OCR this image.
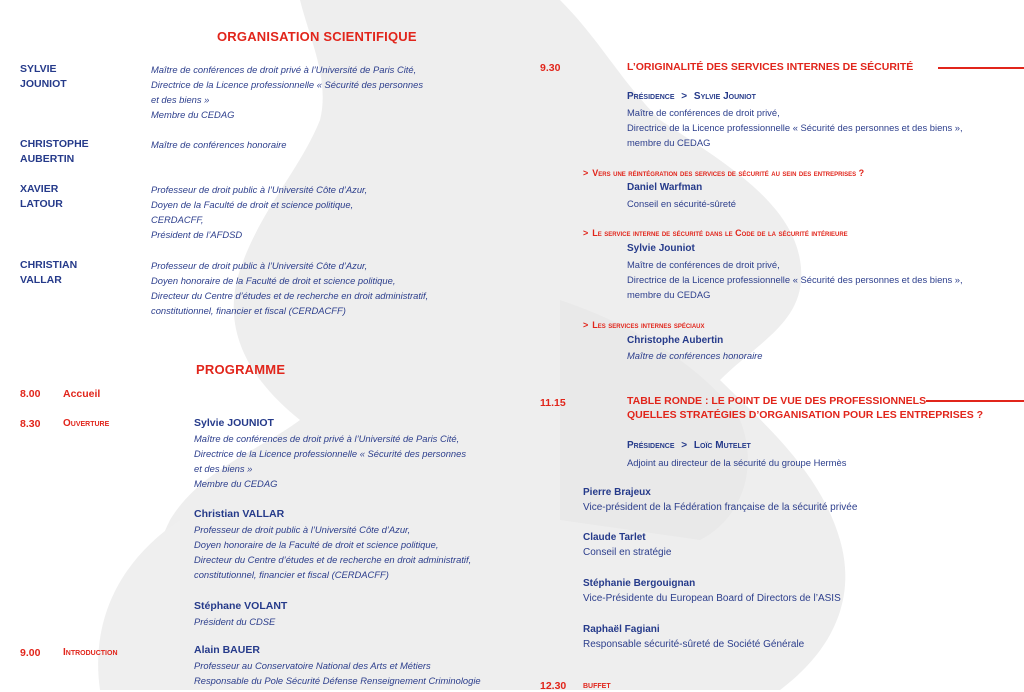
ORGANISATION SCIENTIFIQUE
SYLVIE
JOUNIOT
Maître de conférences de droit privé à l’Université de Paris Cité,
Directrice de la Licence professionnelle « Sécurité des personnes
et des biens »
Membre du CEDAG
CHRISTOPHE
AUBERTIN
Maître de conférences honoraire
XAVIER
LATOUR
Professeur de droit public à l’Université Côte d’Azur,
Doyen de la Faculté de droit et science politique,
CERDACFF,
Président de l’AFDSD
CHRISTIAN
VALLAR
Professeur de droit public à l’Université Côte d’Azur,
Doyen honoraire de la Faculté de droit et science politique,
Directeur du Centre d’études et de recherche en droit administratif,
constitutionnel, financier et fiscal (CERDACFF)
PROGRAMME
8.00 Accueil
8.30 Ouverture	Sylvie JOUNIOT
Maître de conférences de droit privé à l’Université de Paris Cité,
Directrice de la Licence professionnelle « Sécurité des personnes
et des biens »
Membre du CEDAG
Christian VALLAR
Professeur de droit public à l’Université Côte d’Azur,
Doyen honoraire de la Faculté de droit et science politique,
Directeur du Centre d’études et de recherche en droit administratif,
constitutionnel, financier et fiscal (CERDACFF)
Stéphane VOLANT
Président du CDSE
9.00 Introduction	Alain BAUER
Professeur au Conservatoire National des Arts et Métiers
Responsable du Pole Sécurité Défense Renseignement Criminologie
9.30	L’ORIGINALITÉ DES SERVICES INTERNES DE SÉCURITÉ
Présidence > Sylvie Jouniot
Maître de conférences de droit privé,
Directrice de la Licence professionnelle « Sécurité des personnes et des biens »,
membre du CEDAG
> Vers une réintégration des services de sécurité au sein des entreprises ?
Daniel Warfman
Conseil en sécurité-sûreté
> Le service interne de sécurité dans le Code de la sécurité intérieure
Sylvie Jouniot
Maître de conférences de droit privé,
Directrice de la Licence professionnelle « Sécurité des personnes et des biens »,
membre du CEDAG
> Les services internes spéciaux
Christophe Aubertin
Maître de conférences honoraire
11.15	TABLE RONDE : LE POINT DE VUE DES PROFESSIONNELS
QUELLES STRATÉGIES D’ORGANISATION POUR LES ENTREPRISES ?
Présidence > Loïc Mutelet
Adjoint au directeur de la sécurité du groupe Hermès
Pierre Brajeux
Vice-président de la Fédération française de la sécurité privée
Claude Tarlet
Conseil en stratégie
Stéphanie Bergouignan
Vice-Présidente du European Board of Directors de l’ASIS
Raphaël Fagiani
Responsable sécurité-sûreté de Société Générale
12.30 buffet
